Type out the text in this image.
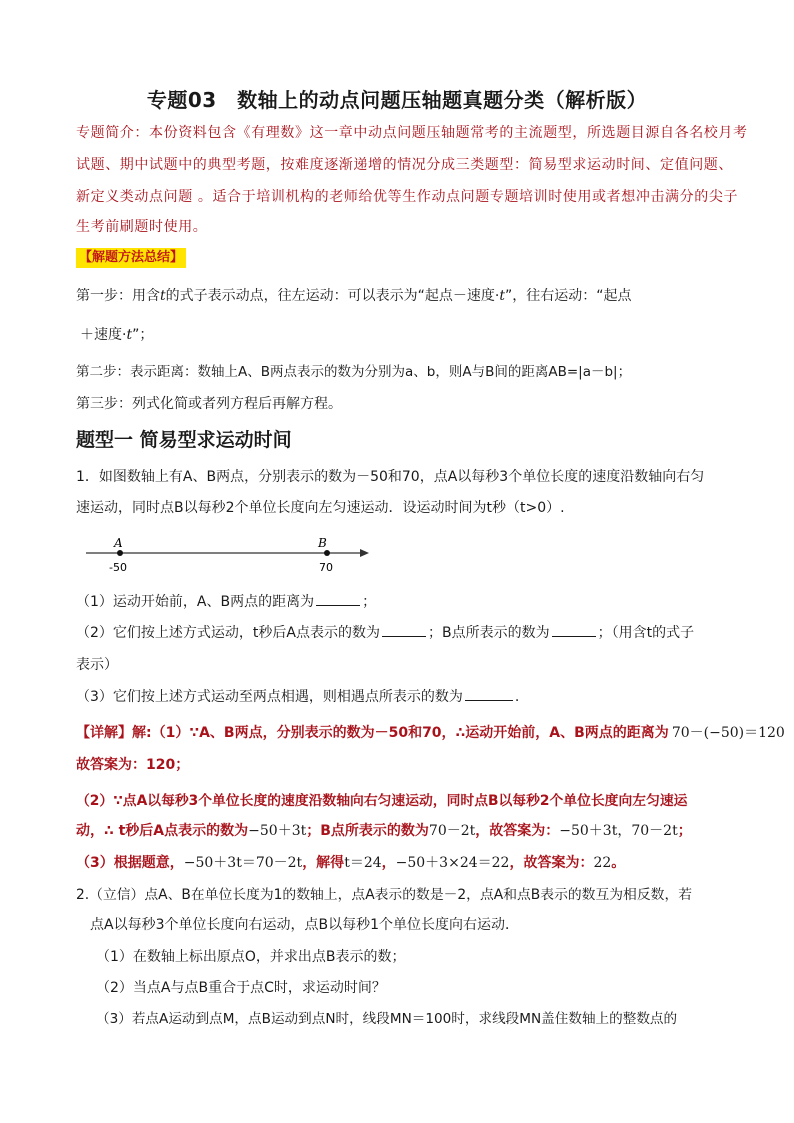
专题03　数轴上的动点问题压轴题真题分类（解析版）
专题简介：本份资料包含《有理数》这一章中动点问题压轴题常考的主流题型，所选题目源自各名校月考
试题、期中试题中的典型考题，按难度逐渐递增的情况分成三类题型：简易型求运动时间、定值问题、
新定义类动点问题 。适合于培训机构的老师给优等生作动点问题专题培训时使用或者想冲击满分的尖子
生考前刷题时使用。
【解题方法总结】
第一步：用含t的式子表示动点，往左运动：可以表示为“起点－速度·t”，往右运动：“起点
＋速度·t”；
第二步：表示距离：数轴上A、B两点表示的数为分别为a、b，则A与B间的距离AB=|a－b|；
第三步：列式化简或者列方程后再解方程。
题型一 简易型求运动时间
1．如图数轴上有A、B两点，分别表示的数为－50和70，点A以每秒3个单位长度的速度沿数轴向右匀
速运动，同时点B以每秒2个单位长度向左匀速运动．设运动时间为t秒（t>0）.
A	B
-50	70
（1）运动开始前，A、B两点的距离为	；
（2）它们按上述方式运动，t秒后A点表示的数为	；B点所表示的数为	；（用含t的式子
表示）
（3）它们按上述方式运动至两点相遇，则相遇点所表示的数为	.
【详解】解:（1）∵A、B两点，分别表示的数为－50和70，∴运动开始前，A、B两点的距离为 70－(−50)＝120
故答案为：120；
（2）∵点A以每秒3个单位长度的速度沿数轴向右匀速运动，同时点B以每秒2个单位长度向左匀速运
动，∴ t秒后A点表示的数为−50＋3t；B点所表示的数为70－2t，故答案为：−50＋3t，70－2t；
（3）根据题意，−50＋3t＝70－2t，解得t＝24，−50＋3×24＝22，故答案为：22。
2.（立信）点A、B在单位长度为1的数轴上，点A表示的数是－2，点A和点B表示的数互为相反数，若
点A以每秒3个单位长度向右运动，点B以每秒1个单位长度向右运动．
（1）在数轴上标出原点O，并求出点B表示的数；
（2）当点A与点B重合于点C时，求运动时间？
（3）若点A运动到点M，点B运动到点N时，线段MN＝100时，求线段MN盖住数轴上的整数点的
